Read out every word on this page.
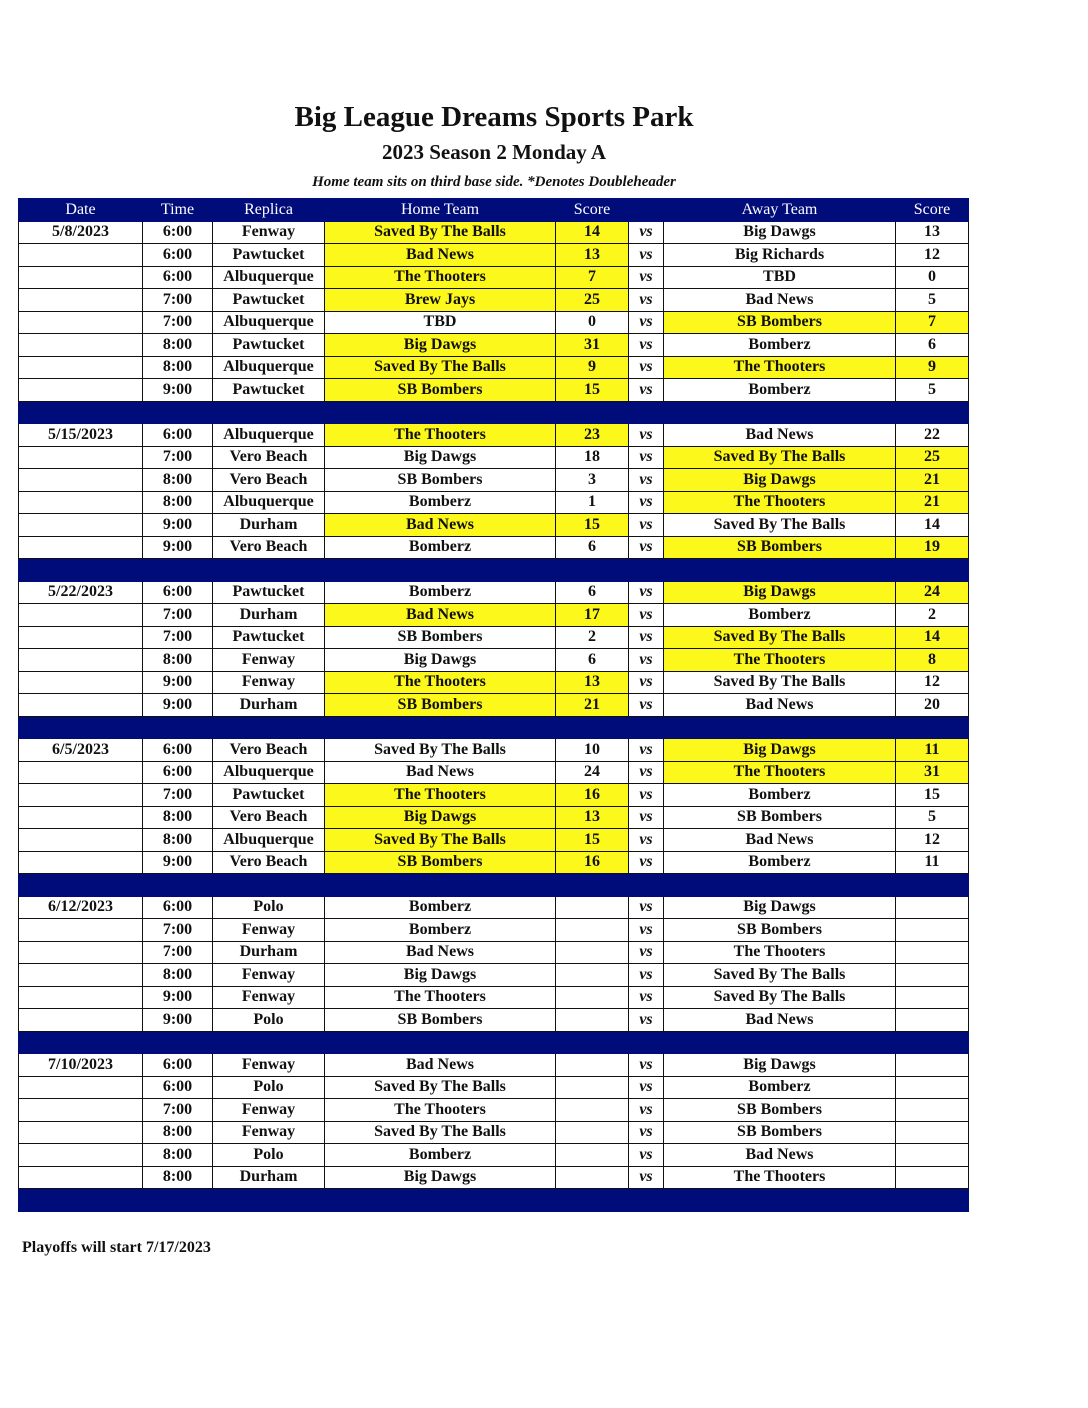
Big League Dreams Sports Park
2023 Season 2 Monday A
Home team sits on third base side. *Denotes Doubleheader
Date	Time	Replica	Home Team	Score		Away Team	Score
5/8/2023	6:00	Fenway	Saved By The Balls	14	vs	Big Dawgs	13
	6:00	Pawtucket	Bad News	13	vs	Big Richards	12
	6:00	Albuquerque	The Thooters	7	vs	TBD	0
	7:00	Pawtucket	Brew Jays	25	vs	Bad News	5
	7:00	Albuquerque	TBD	0	vs	SB Bombers	7
	8:00	Pawtucket	Big Dawgs	31	vs	Bomberz	6
	8:00	Albuquerque	Saved By The Balls	9	vs	The Thooters	9
	9:00	Pawtucket	SB Bombers	15	vs	Bomberz	5

5/15/2023	6:00	Albuquerque	The Thooters	23	vs	Bad News	22
	7:00	Vero Beach	Big Dawgs	18	vs	Saved By The Balls	25
	8:00	Vero Beach	SB Bombers	3	vs	Big Dawgs	21
	8:00	Albuquerque	Bomberz	1	vs	The Thooters	21
	9:00	Durham	Bad News	15	vs	Saved By The Balls	14
	9:00	Vero Beach	Bomberz	6	vs	SB Bombers	19

5/22/2023	6:00	Pawtucket	Bomberz	6	vs	Big Dawgs	24
	7:00	Durham	Bad News	17	vs	Bomberz	2
	7:00	Pawtucket	SB Bombers	2	vs	Saved By The Balls	14
	8:00	Fenway	Big Dawgs	6	vs	The Thooters	8
	9:00	Fenway	The Thooters	13	vs	Saved By The Balls	12
	9:00	Durham	SB Bombers	21	vs	Bad News	20

6/5/2023	6:00	Vero Beach	Saved By The Balls	10	vs	Big Dawgs	11
	6:00	Albuquerque	Bad News	24	vs	The Thooters	31
	7:00	Pawtucket	The Thooters	16	vs	Bomberz	15
	8:00	Vero Beach	Big Dawgs	13	vs	SB Bombers	5
	8:00	Albuquerque	Saved By The Balls	15	vs	Bad News	12
	9:00	Vero Beach	SB Bombers	16	vs	Bomberz	11

6/12/2023	6:00	Polo	Bomberz		vs	Big Dawgs	
	7:00	Fenway	Bomberz		vs	SB Bombers	
	7:00	Durham	Bad News		vs	The Thooters	
	8:00	Fenway	Big Dawgs		vs	Saved By The Balls	
	9:00	Fenway	The Thooters		vs	Saved By The Balls	
	9:00	Polo	SB Bombers		vs	Bad News	

7/10/2023	6:00	Fenway	Bad News		vs	Big Dawgs	
	6:00	Polo	Saved By The Balls		vs	Bomberz	
	7:00	Fenway	The Thooters		vs	SB Bombers	
	8:00	Fenway	Saved By The Balls		vs	SB Bombers	
	8:00	Polo	Bomberz		vs	Bad News	
	8:00	Durham	Big Dawgs		vs	The Thooters	

Playoffs will start 7/17/2023
